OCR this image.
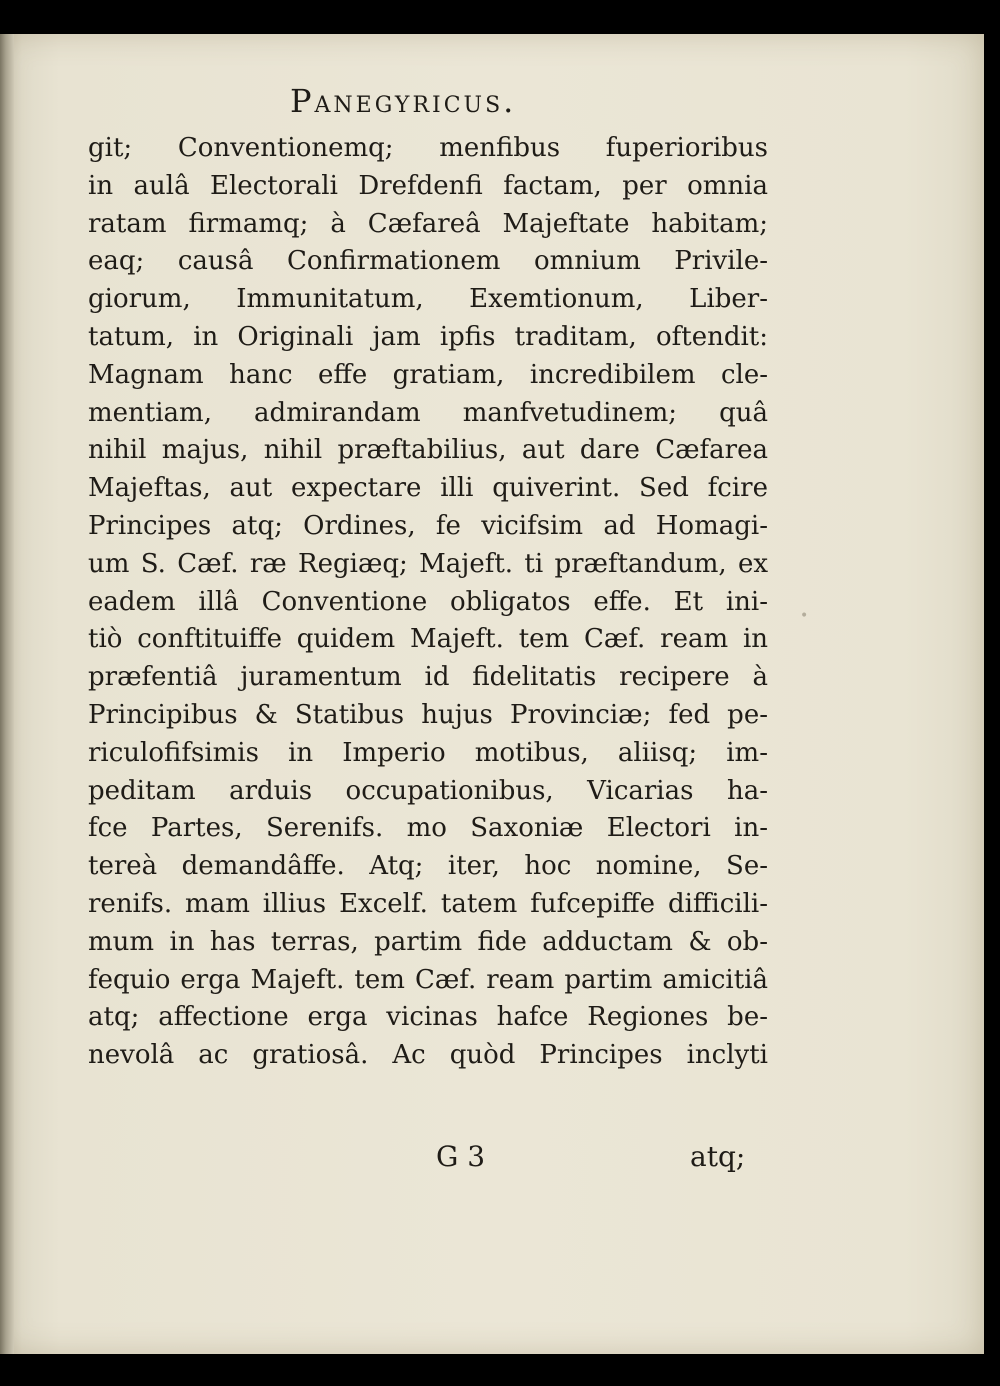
Panegyricus.
git; Conventionemq; menfibus fuperioribus
in aulâ Electorali Drefdenfi factam, per omnia
ratam firmamq; à Cæfareâ Majeftate habitam;
eaq; causâ Confirmationem omnium Privile-
giorum, Immunitatum, Exemtionum, Liber-
tatum, in Originali jam ipfis traditam, oftendit:
Magnam hanc effe gratiam, incredibilem cle-
mentiam, admirandam manfvetudinem; quâ
nihil majus, nihil præftabilius, aut dare Cæfarea
Majeftas, aut expectare illi quiverint. Sed fcire
Principes atq; Ordines, fe vicifsim ad Homagi-
um S. Cæf. ræ Regiæq; Majeft. ti præftandum, ex
eadem illâ Conventione obligatos effe. Et ini-
tiò conftituiffe quidem Majeft. tem Cæf. ream in
præfentiâ juramentum id fidelitatis recipere à
Principibus & Statibus hujus Provinciæ; fed pe-
riculofifsimis in Imperio motibus, aliisq; im-
peditam arduis occupationibus, Vicarias ha-
fce Partes, Serenifs. mo Saxoniæ Electori in-
tereà demandâffe. Atq; iter, hoc nomine, Se-
renifs. mam illius Excelf. tatem fufcepiffe difficili-
mum in has terras, partim fide adductam & ob-
fequio erga Majeft. tem Cæf. ream partim amicitiâ
atq; affectione erga vicinas hafce Regiones be-
nevolâ ac gratiosâ. Ac quòd Principes inclyti
G 3	atq;
•
